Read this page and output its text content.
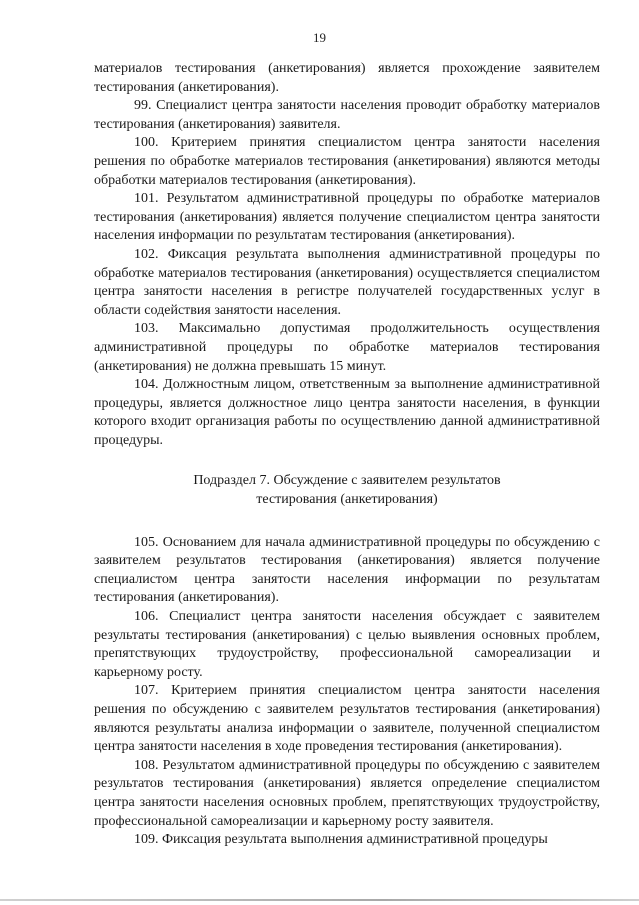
19

материалов тестирования (анкетирования) является прохождение заявителем тестирования (анкетирования).

99. Специалист центра занятости населения проводит обработку материалов тестирования (анкетирования) заявителя.

100. Критерием принятия специалистом центра занятости населения решения по обработке материалов тестирования (анкетирования) являются методы обработки материалов тестирования (анкетирования).

101. Результатом административной процедуры по обработке материалов тестирования (анкетирования) является получение специалистом центра занятости населения информации по результатам тестирования (анкетирования).

102. Фиксация результата выполнения административной процедуры по обработке материалов тестирования (анкетирования) осуществляется специалистом центра занятости населения в регистре получателей государственных услуг в области содействия занятости населения.

103. Максимально допустимая продолжительность осуществления административной процедуры по обработке материалов тестирования (анкетирования) не должна превышать 15 минут.

104. Должностным лицом, ответственным за выполнение административной процедуры, является должностное лицо центра занятости населения, в функции которого входит организация работы по осуществлению данной административной процедуры.

Подраздел 7. Обсуждение с заявителем результатов
тестирования (анкетирования)

105. Основанием для начала административной процедуры по обсуждению с заявителем результатов тестирования (анкетирования) является получение специалистом центра занятости населения информации по результатам тестирования (анкетирования).

106. Специалист центра занятости населения обсуждает с заявителем результаты тестирования (анкетирования) с целью выявления основных проблем, препятствующих трудоустройству, профессиональной самореализации и карьерному росту.

107. Критерием принятия специалистом центра занятости населения решения по обсуждению с заявителем результатов тестирования (анкетирования) являются результаты анализа информации о заявителе, полученной специалистом центра занятости населения в ходе проведения тестирования (анкетирования).

108. Результатом административной процедуры по обсуждению с заявителем результатов тестирования (анкетирования) является определение специалистом центра занятости населения основных проблем, препятствующих трудоустройству, профессиональной самореализации и карьерному росту заявителя.

109. Фиксация результата выполнения административной процедуры
